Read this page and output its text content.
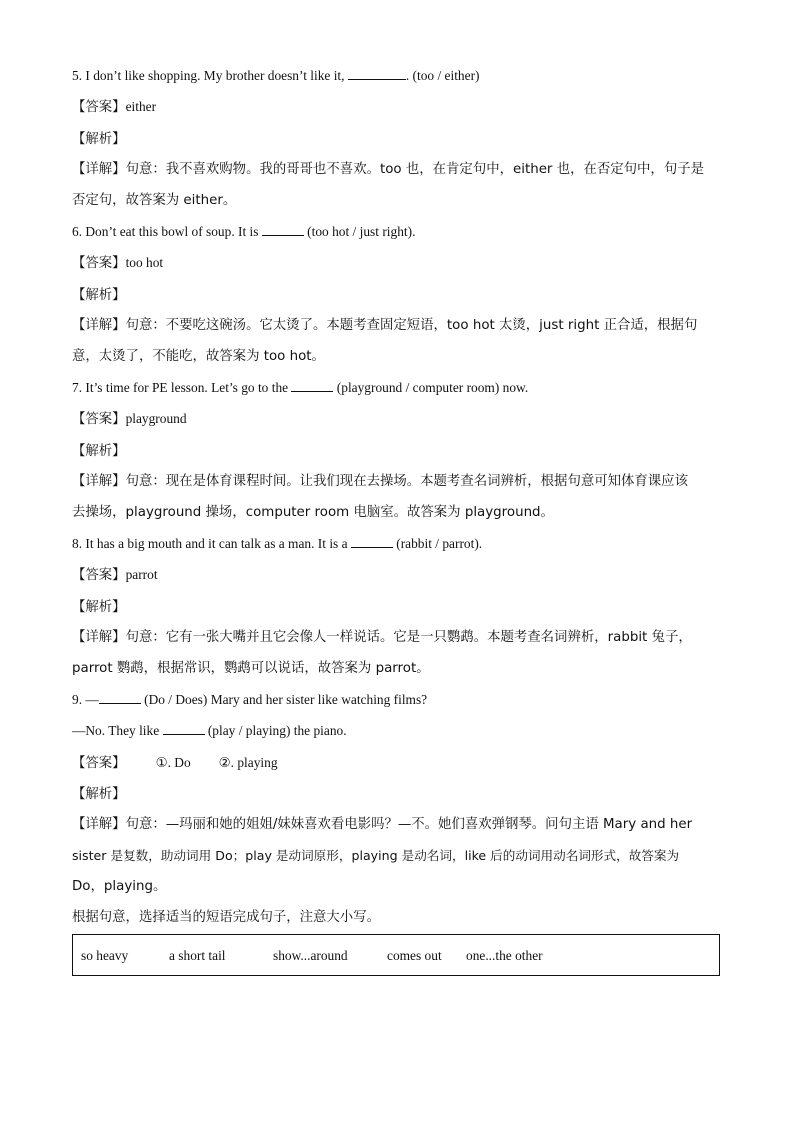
5. I don’t like shopping. My brother doesn’t like it,	. (too / either)
【答案】either
【解析】
【详解】句意：我不喜欢购物。我的哥哥也不喜欢。too 也，在肯定句中，either 也，在否定句中，句子是
否定句，故答案为 either。
6. Don’t eat this bowl of soup. It is	(too hot / just right).
【答案】too hot
【解析】
【详解】句意：不要吃这碗汤。它太烫了。本题考查固定短语，too hot 太烫，just right 正合适，根据句
意，太烫了，不能吃，故答案为 too hot。
7. It’s time for PE lesson. Let’s go to the	(playground / computer room) now.
【答案】playground
【解析】
【详解】句意：现在是体育课程时间。让我们现在去操场。本题考查名词辨析，根据句意可知体育课应该
去操场，playground 操场，computer room 电脑室。故答案为 playground。
8. It has a big mouth and it can talk as a man. It is a	(rabbit / parrot).
【答案】parrot
【解析】
【详解】句意：它有一张大嘴并且它会像人一样说话。它是一只鹦鹉。本题考查名词辨析，rabbit 兔子，
parrot 鹦鹉，根据常识，鹦鹉可以说话，故答案为 parrot。
9. —	(Do / Does) Mary and her sister like watching films?
—No. They like	(play / playing) the piano.
【答案】 ①. Do ②. playing
【解析】
【详解】句意：—玛丽和她的姐姐/妹妹喜欢看电影吗？—不。她们喜欢弹钢琴。问句主语 Mary and her
sister 是复数，助动词用 Do；play 是动词原形，playing 是动名词，like 后的动词用动名词形式，故答案为
Do，playing。
根据句意，选择适当的短语完成句子，注意大小写。
so heavy	a short tail	show...around	comes out one...the other
